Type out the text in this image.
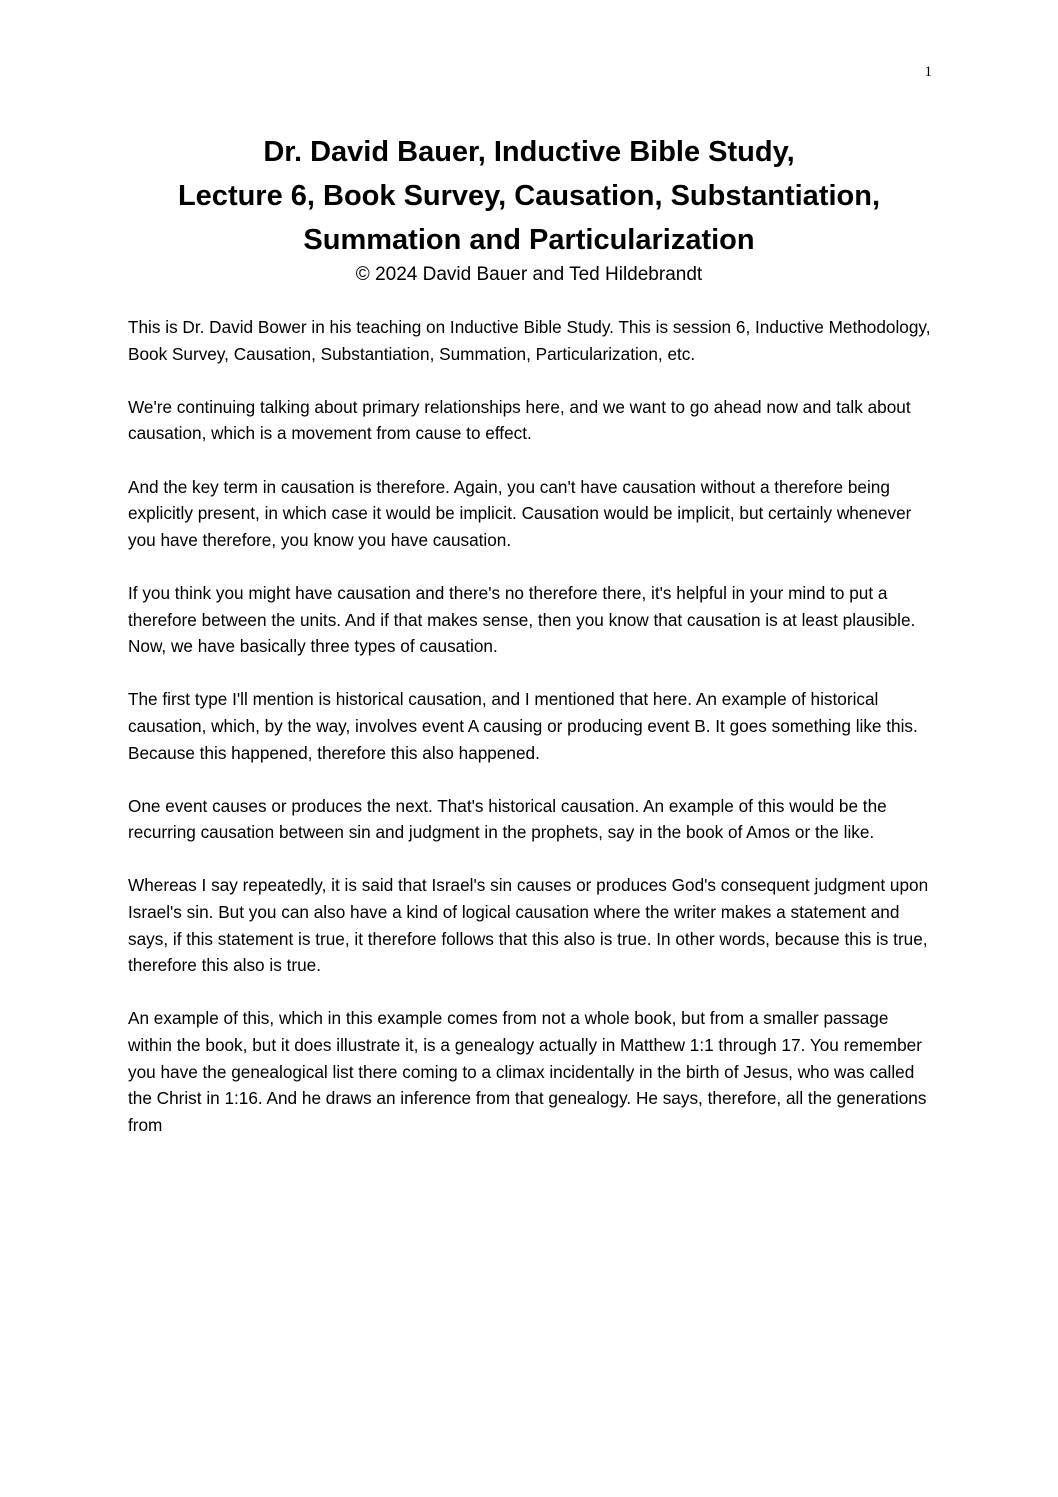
1
Dr. David Bauer, Inductive Bible Study,
Lecture 6, Book Survey, Causation, Substantiation,
Summation and Particularization
© 2024 David Bauer and Ted Hildebrandt

This is Dr. David Bower in his teaching on Inductive Bible Study. This is session 6, Inductive Methodology, Book Survey, Causation, Substantiation, Summation, Particularization, etc.

We're continuing talking about primary relationships here, and we want to go ahead now and talk about causation, which is a movement from cause to effect.

And the key term in causation is therefore. Again, you can't have causation without a therefore being explicitly present, in which case it would be implicit. Causation would be implicit, but certainly whenever you have therefore, you know you have causation.

If you think you might have causation and there's no therefore there, it's helpful in your mind to put a therefore between the units. And if that makes sense, then you know that causation is at least plausible. Now, we have basically three types of causation.

The first type I'll mention is historical causation, and I mentioned that here. An example of historical causation, which, by the way, involves event A causing or producing event B. It goes something like this. Because this happened, therefore this also happened.

One event causes or produces the next. That's historical causation. An example of this would be the recurring causation between sin and judgment in the prophets, say in the book of Amos or the like.

Whereas I say repeatedly, it is said that Israel's sin causes or produces God's consequent judgment upon Israel's sin. But you can also have a kind of logical causation where the writer makes a statement and says, if this statement is true, it therefore follows that this also is true. In other words, because this is true, therefore this also is true.

An example of this, which in this example comes from not a whole book, but from a smaller passage within the book, but it does illustrate it, is a genealogy actually in Matthew 1:1 through 17. You remember you have the genealogical list there coming to a climax incidentally in the birth of Jesus, who was called the Christ in 1:16. And he draws an inference from that genealogy. He says, therefore, all the generations from
